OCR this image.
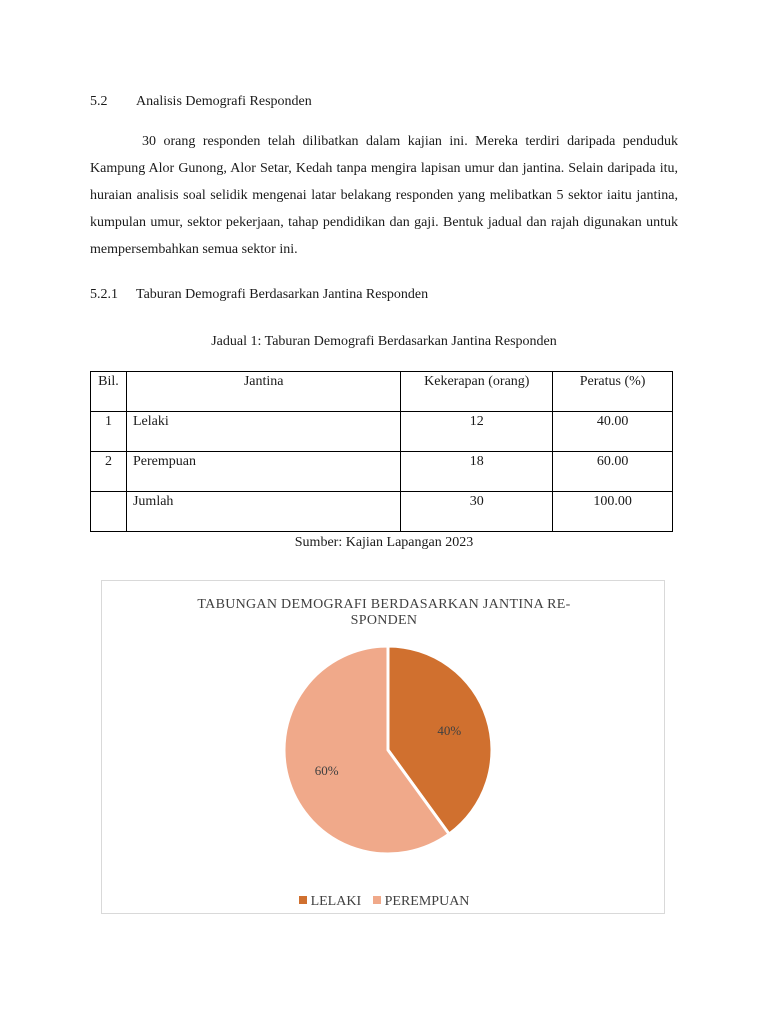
5.2 Analisis Demografi Responden

30 orang responden telah dilibatkan dalam kajian ini. Mereka terdiri daripada penduduk Kampung Alor Gunong, Alor Setar, Kedah tanpa mengira lapisan umur dan jantina. Selain daripada itu, huraian analisis soal selidik mengenai latar belakang responden yang melibatkan 5 sektor iaitu jantina, kumpulan umur, sektor pekerjaan, tahap pendidikan dan gaji. Bentuk jadual dan rajah digunakan untuk mempersembahkan semua sektor ini.

5.2.1 Taburan Demografi Berdasarkan Jantina Responden
Jadual 1: Taburan Demografi Berdasarkan Jantina Responden
Bil.	Jantina	Kekerapan (orang)	Peratus (%)
1	Lelaki	12	40.00
2	Perempuan	18	60.00
	Jumlah	30	100.00
Sumber: Kajian Lapangan 2023
TABUNGAN DEMOGRAFI BERDASARKAN JANTINA RE-
SPONDEN
40%
60%
LELAKI PEREMPUAN
